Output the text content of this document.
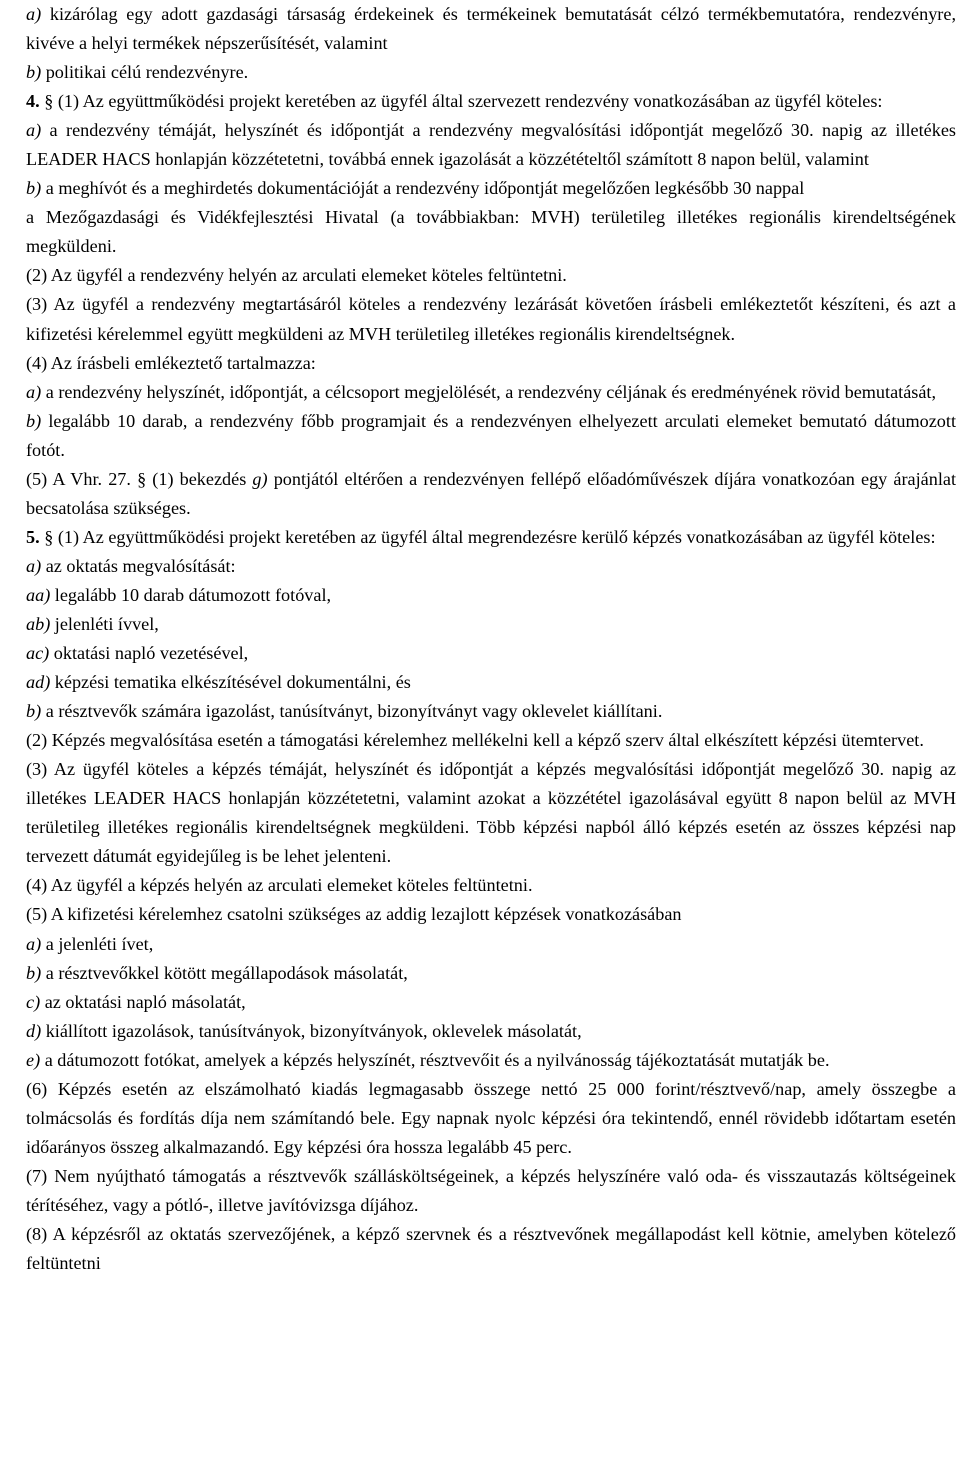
a) kizárólag egy adott gazdasági társaság érdekeinek és termékeinek bemutatását célzó termékbemutatóra, rendezvényre, kivéve a helyi termékek népszerűsítését, valamint

b) politikai célú rendezvényre.

4. § (1) Az együttműködési projekt keretében az ügyfél által szervezett rendezvény vonatkozásában az ügyfél köteles:

a) a rendezvény témáját, helyszínét és időpontját a rendezvény megvalósítási időpontját megelőző 30. napig az illetékes LEADER HACS honlapján közzétetetni, továbbá ennek igazolását a közzétételtől számított 8 napon belül, valamint

b) a meghívót és a meghirdetés dokumentációját a rendezvény időpontját megelőzően legkésőbb 30 nappal

a Mezőgazdasági és Vidékfejlesztési Hivatal (a továbbiakban: MVH) területileg illetékes regionális kirendeltségének megküldeni.

(2) Az ügyfél a rendezvény helyén az arculati elemeket köteles feltüntetni.

(3) Az ügyfél a rendezvény megtartásáról köteles a rendezvény lezárását követően írásbeli emlékeztetőt készíteni, és azt a kifizetési kérelemmel együtt megküldeni az MVH területileg illetékes regionális kirendeltségnek.

(4) Az írásbeli emlékeztető tartalmazza:

a) a rendezvény helyszínét, időpontját, a célcsoport megjelölését, a rendezvény céljának és eredményének rövid bemutatását,

b) legalább 10 darab, a rendezvény főbb programjait és a rendezvényen elhelyezett arculati elemeket bemutató dátumozott fotót.

(5) A Vhr. 27. § (1) bekezdés g) pontjától eltérően a rendezvényen fellépő előadóművészek díjára vonatkozóan egy árajánlat becsatolása szükséges.

5. § (1) Az együttműködési projekt keretében az ügyfél által megrendezésre kerülő képzés vonatkozásában az ügyfél köteles:

a) az oktatás megvalósítását:

aa) legalább 10 darab dátumozott fotóval,

ab) jelenléti ívvel,

ac) oktatási napló vezetésével,

ad) képzési tematika elkészítésével dokumentálni, és

b) a résztvevők számára igazolást, tanúsítványt, bizonyítványt vagy oklevelet kiállítani.

(2) Képzés megvalósítása esetén a támogatási kérelemhez mellékelni kell a képző szerv által elkészített képzési ütemtervet.

(3) Az ügyfél köteles a képzés témáját, helyszínét és időpontját a képzés megvalósítási időpontját megelőző 30. napig az illetékes LEADER HACS honlapján közzétetetni, valamint azokat a közzététel igazolásával együtt 8 napon belül az MVH területileg illetékes regionális kirendeltségnek megküldeni. Több képzési napból álló képzés esetén az összes képzési nap tervezett dátumát egyidejűleg is be lehet jelenteni.

(4) Az ügyfél a képzés helyén az arculati elemeket köteles feltüntetni.

(5) A kifizetési kérelemhez csatolni szükséges az addig lezajlott képzések vonatkozásában

a) a jelenléti ívet,

b) a résztvevőkkel kötött megállapodások másolatát,

c) az oktatási napló másolatát,

d) kiállított igazolások, tanúsítványok, bizonyítványok, oklevelek másolatát,

e) a dátumozott fotókat, amelyek a képzés helyszínét, résztvevőit és a nyilvánosság tájékoztatását mutatják be.

(6) Képzés esetén az elszámolható kiadás legmagasabb összege nettó 25 000 forint/résztvevő/nap, amely összegbe a tolmácsolás és fordítás díja nem számítandó bele. Egy napnak nyolc képzési óra tekintendő, ennél rövidebb időtartam esetén időarányos összeg alkalmazandó. Egy képzési óra hossza legalább 45 perc.

(7) Nem nyújtható támogatás a résztvevők szállásköltségeinek, a képzés helyszínére való oda- és visszautazás költségeinek térítéséhez, vagy a pótló-, illetve javítóvizsga díjához.

(8) A képzésről az oktatás szervezőjének, a képző szervnek és a résztvevőnek megállapodást kell kötnie, amelyben kötelező feltüntetni
